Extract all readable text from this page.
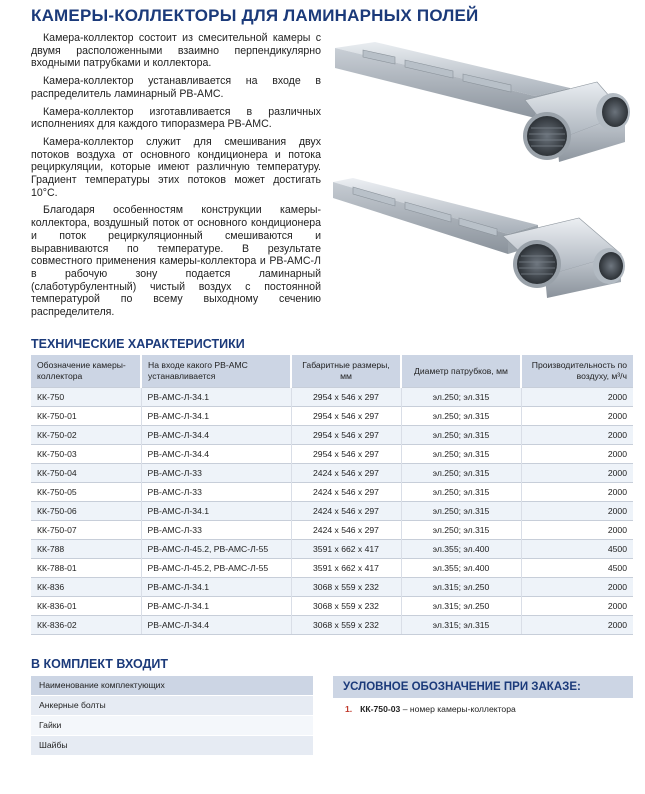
КАМЕРЫ-КОЛЛЕКТОРЫ ДЛЯ ЛАМИНАРНЫХ ПОЛЕЙ

Камера-коллектор состоит из смесительной камеры с двумя расположенными взаимно перпендикулярно входными патрубками и коллектора.

Камера-коллектор устанавливается на входе в распределитель ламинарный РВ-АМС.

Камера-коллектор изготавливается в различных исполнениях для каждого типоразмера РВ-АМС.

Камера-коллектор служит для смешивания двух потоков воздуха от основного кондиционера и потока рециркуляции, которые имеют различную температуру. Градиент температуры этих потоков может достигать 10°С.

Благодаря особенностям конструкции камеры-коллектора, воздушный поток от основного кондиционера и поток рециркуляционный смешиваются и выравниваются по температуре. В результате совместного применения камеры-коллектора и РВ-АМС-Л в рабочую зону подается ламинарный (слаботурбулентный) чистый воздух с постоянной температурой по всему выходному сечению распределителя.

ТЕХНИЧЕСКИЕ ХАРАКТЕРИСТИКИ
Обозначение камеры-коллектора	На входе какого РВ-АМС устанавливается	Габаритные размеры, мм	Диаметр патрубков, мм	Производительность по воздуху, м³/ч
КК-750	РВ-АМС-Л-34.1	2954 х 546 х 297	эл.250; эл.315	2000
КК-750-01	РВ-АМС-Л-34.1	2954 х 546 х 297	эл.250; эл.315	2000
КК-750-02	РВ-АМС-Л-34.4	2954 х 546 х 297	эл.250; эл.315	2000
КК-750-03	РВ-АМС-Л-34.4	2954 х 546 х 297	эл.250; эл.315	2000
КК-750-04	РВ-АМС-Л-33	2424 х 546 х 297	эл.250; эл.315	2000
КК-750-05	РВ-АМС-Л-33	2424 х 546 х 297	эл.250; эл.315	2000
КК-750-06	РВ-АМС-Л-34.1	2424 х 546 х 297	эл.250; эл.315	2000
КК-750-07	РВ-АМС-Л-33	2424 х 546 х 297	эл.250; эл.315	2000
КК-788	РВ-АМС-Л-45.2, РВ-АМС-Л-55	3591 х 662 х 417	эл.355; эл.400	4500
КК-788-01	РВ-АМС-Л-45.2, РВ-АМС-Л-55	3591 х 662 х 417	эл.355; эл.400	4500
КК-836	РВ-АМС-Л-34.1	3068 х 559 х 232	эл.315; эл.250	2000
КК-836-01	РВ-АМС-Л-34.1	3068 х 559 х 232	эл.315; эл.250	2000
КК-836-02	РВ-АМС-Л-34.4	3068 х 559 х 232	эл.315; эл.315	2000
В КОМПЛЕКТ ВХОДИТ
Наименование комплектующих
Анкерные болты
Гайки
Шайбы
УСЛОВНОЕ ОБОЗНАЧЕНИЕ ПРИ ЗАКАЗЕ:
1. КК-750-03 – номер камеры-коллектора
